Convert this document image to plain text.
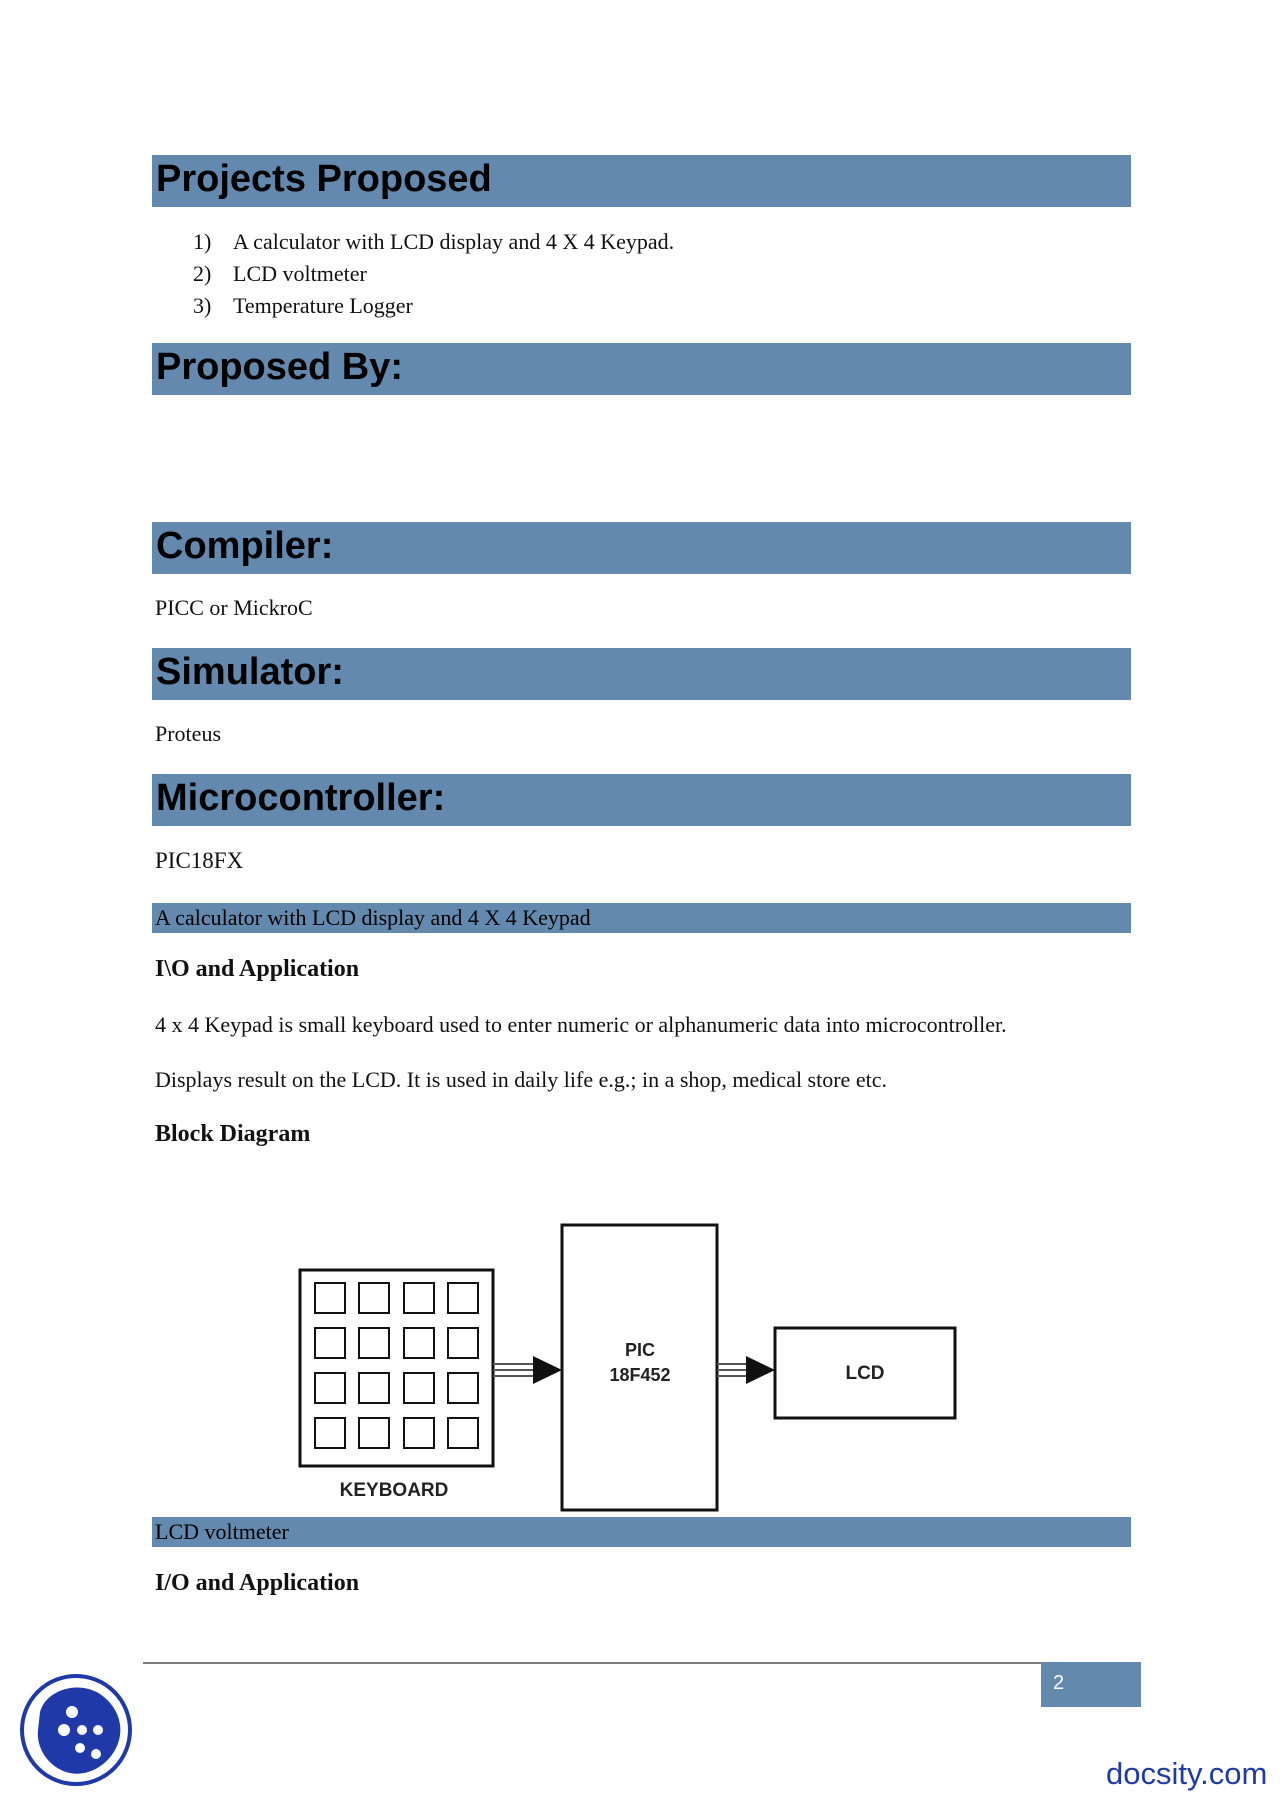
Projects Proposed
1) A calculator with LCD display and 4 X 4 Keypad.
2) LCD voltmeter
3) Temperature Logger
Proposed By:
Compiler:
PICC or MickroC
Simulator:
Proteus
Microcontroller:
PIC18FX
A calculator with LCD display and 4 X 4 Keypad
I\O and Application
4 x 4 Keypad is small keyboard used to enter numeric or alphanumeric data into microcontroller.
Displays result on the LCD. It is used in daily life e.g.; in a shop, medical store etc.
Block Diagram
KEYBOARD
PIC
18F452	LCD
LCD voltmeter
I/O and Application
2
docsity.com
